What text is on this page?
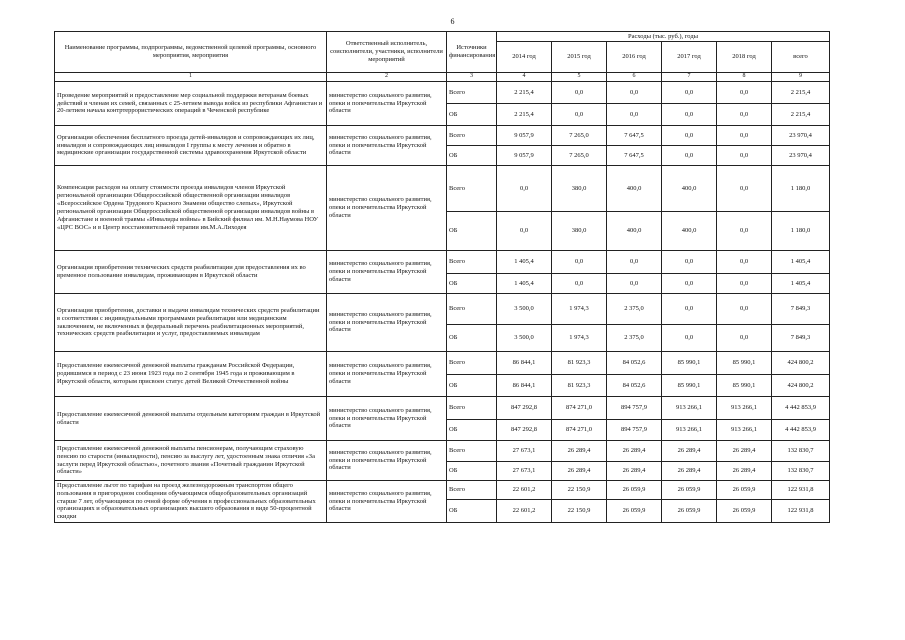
6
Наименование программы, подпрограммы, ведомственной целевой программы, основного мероприятия, мероприятия	Ответственный исполнитель, соисполнители, участники, исполнители мероприятий	Источники финансирования	Расходы (тыс. руб.), годы					
			2014 год	2015 год	2016 год	2017 год	2018 год	всего
1	2	3	4	5	6	7	8	9
Проведение мероприятий и предоставление мер социальной поддержки ветеранам боевых действий и членам их семей, связанных с 25-летием вывода войск из республики Афганистан и 20-летием начала контртеррористических операций в Чеченской республике	министерство социального развития, опеки и попечительства Иркутской области	Всего	2 215,4	0,0	0,0	0,0	0,0	2 215,4
		ОБ	2 215,4	0,0	0,0	0,0	0,0	2 215,4
Организация обеспечения бесплатного проезда детей-инвалидов и сопровождающих их лиц, инвалидов и сопровождающих лиц инвалидов I группы к месту лечения и обратно в медицинские организации государственной системы здравоохранения Иркутской области	министерство социального развития, опеки и попечительства Иркутской области	Всего	9 057,9	7 265,0	7 647,5	0,0	0,0	23 970,4
		ОБ	9 057,9	7 265,0	7 647,5	0,0	0,0	23 970,4
Компенсация расходов на оплату стоимости проезда инвалидов членов Иркутской региональной организации Общероссийской общественной организации инвалидов «Всероссийское Ордена Трудового Красного Знамени общество слепых», Иркутской региональной организации Общероссийской общественной организации инвалидов войны в Афганистане и военной травмы «Инвалиды войны» в Бийский филиал им. М.Н.Наумова НОУ «ЦРС ВОС» и в Центр восстановительной терапии им.М.А.Лиходея	министерство социального развития, опеки и попечительства Иркутской области	Всего	0,0	380,0	400,0	400,0	0,0	1 180,0
		ОБ	0,0	380,0	400,0	400,0	0,0	1 180,0
Организация приобретения технических средств реабилитации для предоставления их во временное пользование инвалидам, проживающим в Иркутской области	министерство социального развития, опеки и попечительства Иркутской области	Всего	1 405,4	0,0	0,0	0,0	0,0	1 405,4
		ОБ	1 405,4	0,0	0,0	0,0	0,0	1 405,4
Организация приобретения, доставки и выдачи инвалидам технических средств реабилитации в соответствии с индивидуальными программами реабилитации или медицинским заключением, не включенных в федеральный перечень реабилитационных мероприятий, технических средств реабилитации и услуг, предоставляемых инвалидам	министерство социального развития, опеки и попечительства Иркутской области	Всего	3 500,0	1 974,3	2 375,0	0,0	0,0	7 849,3
		ОБ	3 500,0	1 974,3	2 375,0	0,0	0,0	7 849,3
Предоставление ежемесячной денежной выплаты гражданам Российской Федерации, родившимся в период с 23 июня 1923 года по 2 сентября 1945 года и проживающим в Иркутской области, которым присвоен статус детей Великой Отечественной войны	министерство социального развития, опеки и попечительства Иркутской области	Всего	86 844,1	81 923,3	84 052,6	85 990,1	85 990,1	424 800,2
		ОБ	86 844,1	81 923,3	84 052,6	85 990,1	85 990,1	424 800,2
Предоставление ежемесячной денежной выплаты отдельным категориям граждан в Иркутской области	министерство социального развития, опеки и попечительства Иркутской области	Всего	847 292,8	874 271,0	894 757,9	913 266,1	913 266,1	4 442 853,9
		ОБ	847 292,8	874 271,0	894 757,9	913 266,1	913 266,1	4 442 853,9
Предоставление ежемесячной денежной выплаты пенсионерам, получающим страховую пенсию по старости (инвалидности), пенсию за выслугу лет, удостоенным знака отличия «За заслуги перед Иркутской областью», почетного звания «Почетный гражданин Иркутской области»	министерство социального развития, опеки и попечительства Иркутской области	Всего	27 673,1	26 289,4	26 289,4	26 289,4	26 289,4	132 830,7
		ОБ	27 673,1	26 289,4	26 289,4	26 289,4	26 289,4	132 830,7
Предоставление льгот по тарифам на проезд железнодорожным транспортом общего пользования в пригородном сообщении обучающимся общеобразовательных организаций старше 7 лет, обучающимся по очной форме обучения в профессиональных образовательных организациях и образовательных организациях высшего образования в виде 50-процентной скидки	министерство социального развития, опеки и попечительства Иркутской области	Всего	22 601,2	22 150,9	26 059,9	26 059,9	26 059,9	122 931,8
		ОБ	22 601,2	22 150,9	26 059,9	26 059,9	26 059,9	122 931,8
